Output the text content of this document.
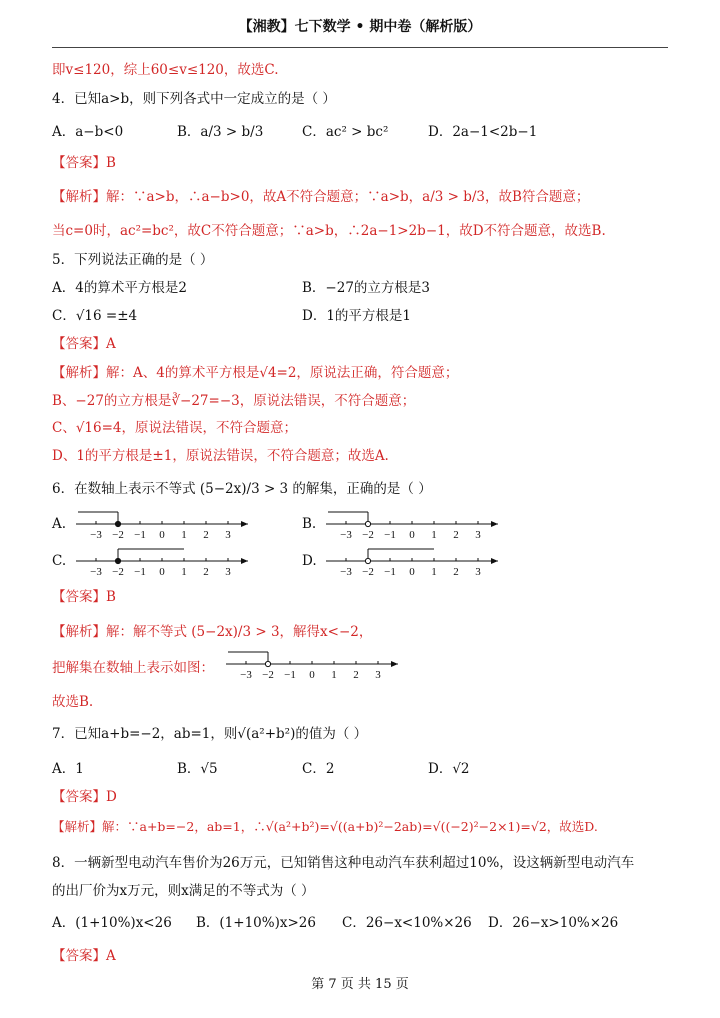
【湘教】七下数学 • 期中卷（解析版）
即v≤120，综上60≤v≤120，故选C.
4．已知a>b，则下列各式中一定成立的是（ ）
A．a−b<0	B．a/3 > b/3	C．ac² > bc²	D．2a−1<2b−1
【答案】B
【解析】解：∵a>b，∴a−b>0，故A不符合题意；∵a>b，a/3 > b/3，故B符合题意；
当c=0时，ac²=bc²，故C不符合题意；∵a>b，∴2a−1>2b−1，故D不符合题意，故选B.
5．下列说法正确的是（ ）
A．4的算术平方根是2	B．−27的立方根是3
C．√16 =±4	D．1的平方根是1
【答案】A
【解析】解：A、4的算术平方根是√4=2，原说法正确，符合题意；
B、−27的立方根是∛−27=−3，原说法错误，不符合题意；
C、√16=4，原说法错误，不符合题意；
D、1的平方根是±1，原说法错误，不符合题意；故选A.
6．在数轴上表示不等式 (5−2x)/3 > 3 的解集，正确的是（ ）
A.	B.
C.	D.
−3 −2 −1 0 1 2 3	−3 −2 −1 0 1 2 3
−3 −2 −1 0 1 2 3	−3 −2 −1 0 1 2 3
【答案】B
【解析】解：解不等式 (5−2x)/3 > 3，解得x<−2，
把解集在数轴上表示如图： −3 −2 −1 0 1 2 3
故选B.
7．已知a+b=−2，ab=1，则√(a²+b²)的值为（ ）
A．1	B．√5	C．2	D．√2
【答案】D
【解析】解：∵a+b=−2，ab=1，∴√(a²+b²)=√((a+b)²−2ab)=√((−2)²−2×1)=√2，故选D.
8．一辆新型电动汽车售价为26万元，已知销售这种电动汽车获利超过10%，设这辆新型电动汽车
的出厂价为x万元，则x满足的不等式为（ ）
A．(1+10%)x<26 B．(1+10%)x>26 C．26−x<10%×26 D．26−x>10%×26
【答案】A
第 7 页 共 15 页
